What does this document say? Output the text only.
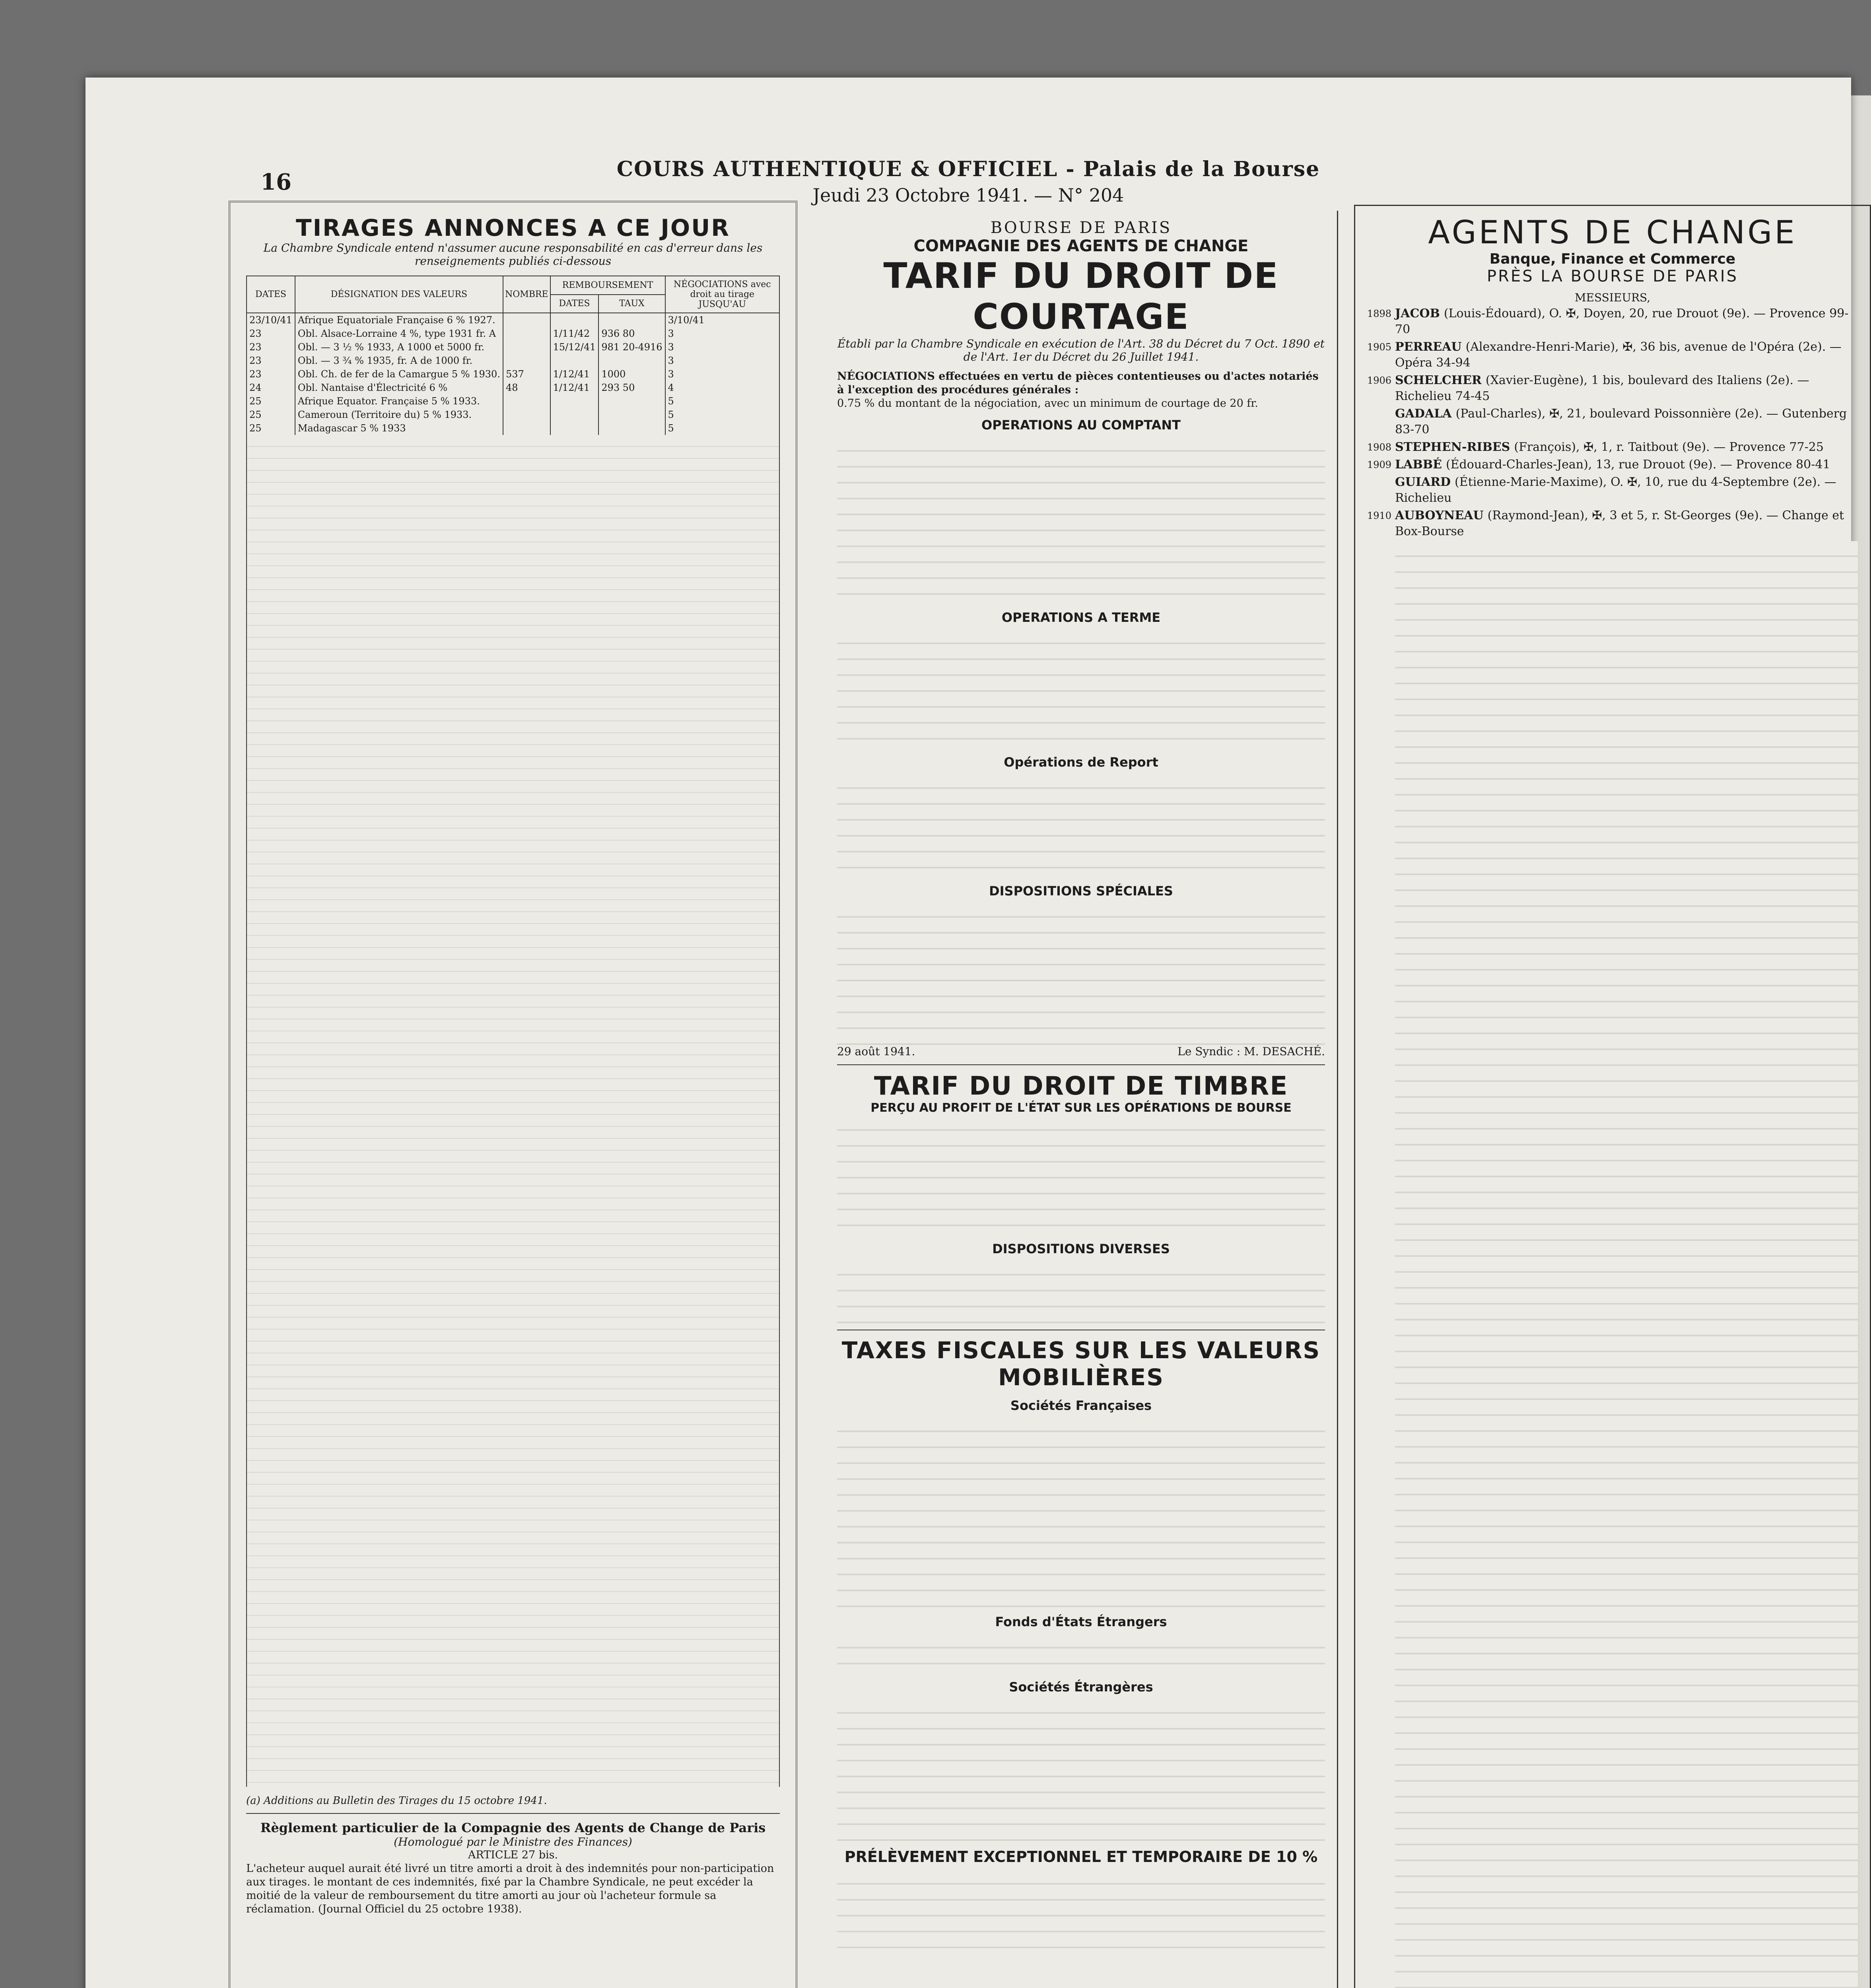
16	COURS AUTHENTIQUE & OFFICIEL - Palais de la Bourse
Jeudi 23 Octobre 1941. — N° 204
TIRAGES ANNONCES A CE JOUR
La Chambre Syndicale entend n'assumer aucune responsabilité en cas d'erreur dans les renseignements publiés ci-dessous
DATES	DÉSIGNATION DES VALEURS	NOMBRE	REMBOURSEMENT		NÉGOCIATIONS avec droit au tirage JUSQU'AU
			DATES	TAUX	
23/10/41	Afrique Equatoriale Française 6 % 1927.				3/10/41
23	Obl. Alsace-Lorraine 4 %, type 1931 fr. A		1/11/42	936 80	3
23	Obl. — 3 ½ % 1933, A 1000 et 5000 fr.		15/12/41	981 20-4916	3
23	Obl. — 3 ¾ % 1935, fr. A de 1000 fr.				3
23	Obl. Ch. de fer de la Camargue 5 % 1930.	537	1/12/41	1000	3
24	Obl. Nantaise d'Électricité 6 %	48	1/12/41	293 50	4
25	Afrique Equator. Française 5 % 1933.				5
25	Cameroun (Territoire du) 5 % 1933.				5
25	Madagascar 5 % 1933				5
(a) Additions au Bulletin des Tirages du 15 octobre 1941.
Règlement particulier de la Compagnie des Agents de Change de Paris
(Homologué par le Ministre des Finances)
ARTICLE 27 bis.
L'acheteur auquel aurait été livré un titre amorti a droit à des indemnités pour non-participation aux tirages. le montant de ces indemnités, fixé par la Chambre Syndicale, ne peut excéder la moitié de la valeur de remboursement du titre amorti au jour où l'acheteur formule sa réclamation. (Journal Officiel du 25 octobre 1938).
BOURSE DE PARIS
COMPAGNIE DES AGENTS DE CHANGE
TARIF DU DROIT DE COURTAGE
Établi par la Chambre Syndicale en exécution de l'Art. 38 du Décret du 7 Oct. 1890 et de l'Art. 1er du Décret du 26 Juillet 1941.
NÉGOCIATIONS effectuées en vertu de pièces contentieuses ou d'actes notariés à l'exception des procédures générales :
0.75 % du montant de la négociation, avec un minimum de courtage de 20 fr.
OPERATIONS AU COMPTANT
OPERATIONS A TERME
Opérations de Report
DISPOSITIONS SPÉCIALES
29 août 1941.	Le Syndic : M. DESACHÉ.
TARIF DU DROIT DE TIMBRE
PERÇU AU PROFIT DE L'ÉTAT SUR LES OPÉRATIONS DE BOURSE
DISPOSITIONS DIVERSES
TAXES FISCALES SUR LES VALEURS MOBILIÈRES
Sociétés Françaises
Fonds d'États Étrangers
Sociétés Étrangères
PRÉLÈVEMENT EXCEPTIONNEL ET TEMPORAIRE DE 10 %
AGENTS DE CHANGE
Banque, Finance et Commerce
PRÈS LA BOURSE DE PARIS
MESSIEURS,
1898 JACOB (Louis-Édouard), O. ✠, Doyen, 20, rue Drouot (9e). — Provence 99-70
1905 PERREAU (Alexandre-Henri-Marie), ✠, 36 bis, avenue de l'Opéra (2e). — Opéra 34-94
1906 SCHELCHER (Xavier-Eugène), 1 bis, boulevard des Italiens (2e). — Richelieu 74-45
GADALA (Paul-Charles), ✠, 21, boulevard Poissonnière (2e). — Gutenberg 83-70
1908 STEPHEN-RIBES (François), ✠, 1, r. Taitbout (9e). — Provence 77-25
1909 LABBÉ (Édouard-Charles-Jean), 13, rue Drouot (9e). — Provence 80-41
GUIARD (Étienne-Marie-Maxime), O. ✠, 10, rue du 4-Septembre (2e). — Richelieu
1910 AUBOYNEAU (Raymond-Jean), ✠, 3 et 5, r. St-Georges (9e). — Change et Box-Bourse
